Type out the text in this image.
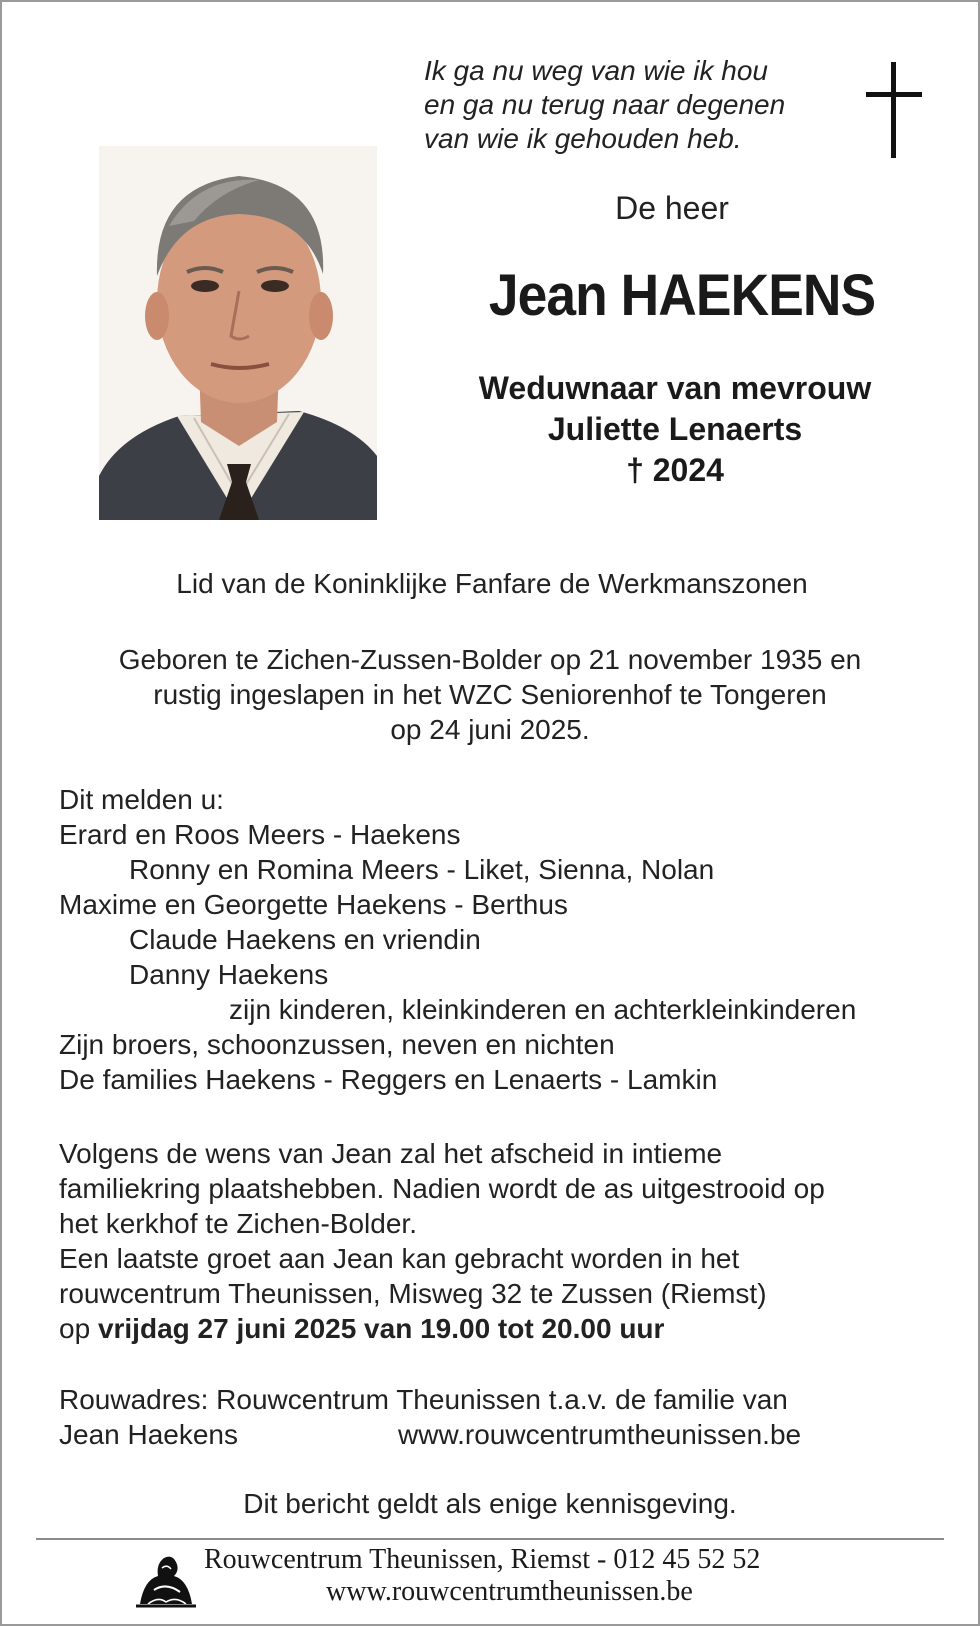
Ik ga nu weg van wie ik hou
en ga nu terug naar degenen
van wie ik gehouden heb.
De heer
Jean HAEKENS
Weduwnaar van mevrouw
Juliette Lenaerts
† 2024
Lid van de Koninklijke Fanfare de Werkmanszonen
Geboren te Zichen-Zussen-Bolder op 21 november 1935 en
rustig ingeslapen in het WZC Seniorenhof te Tongeren
op 24 juni 2025.
Dit melden u:
Erard en Roos Meers - Haekens
Ronny en Romina Meers - Liket, Sienna, Nolan
Maxime en Georgette Haekens - Berthus
Claude Haekens en vriendin
Danny Haekens
zijn kinderen, kleinkinderen en achterkleinkinderen
Zijn broers, schoonzussen, neven en nichten
De families Haekens - Reggers en Lenaerts - Lamkin
Volgens de wens van Jean zal het afscheid in intieme
familiekring plaatshebben. Nadien wordt de as uitgestrooid op
het kerkhof te Zichen-Bolder.
Een laatste groet aan Jean kan gebracht worden in het
rouwcentrum Theunissen, Misweg 32 te Zussen (Riemst)
op vrijdag 27 juni 2025 van 19.00 tot 20.00 uur
Rouwadres: Rouwcentrum Theunissen t.a.v. de familie van
Jean Haekens	www.rouwcentrumtheunissen.be
Dit bericht geldt als enige kennisgeving.
Rouwcentrum Theunissen, Riemst - 012 45 52 52
www.rouwcentrumtheunissen.be
